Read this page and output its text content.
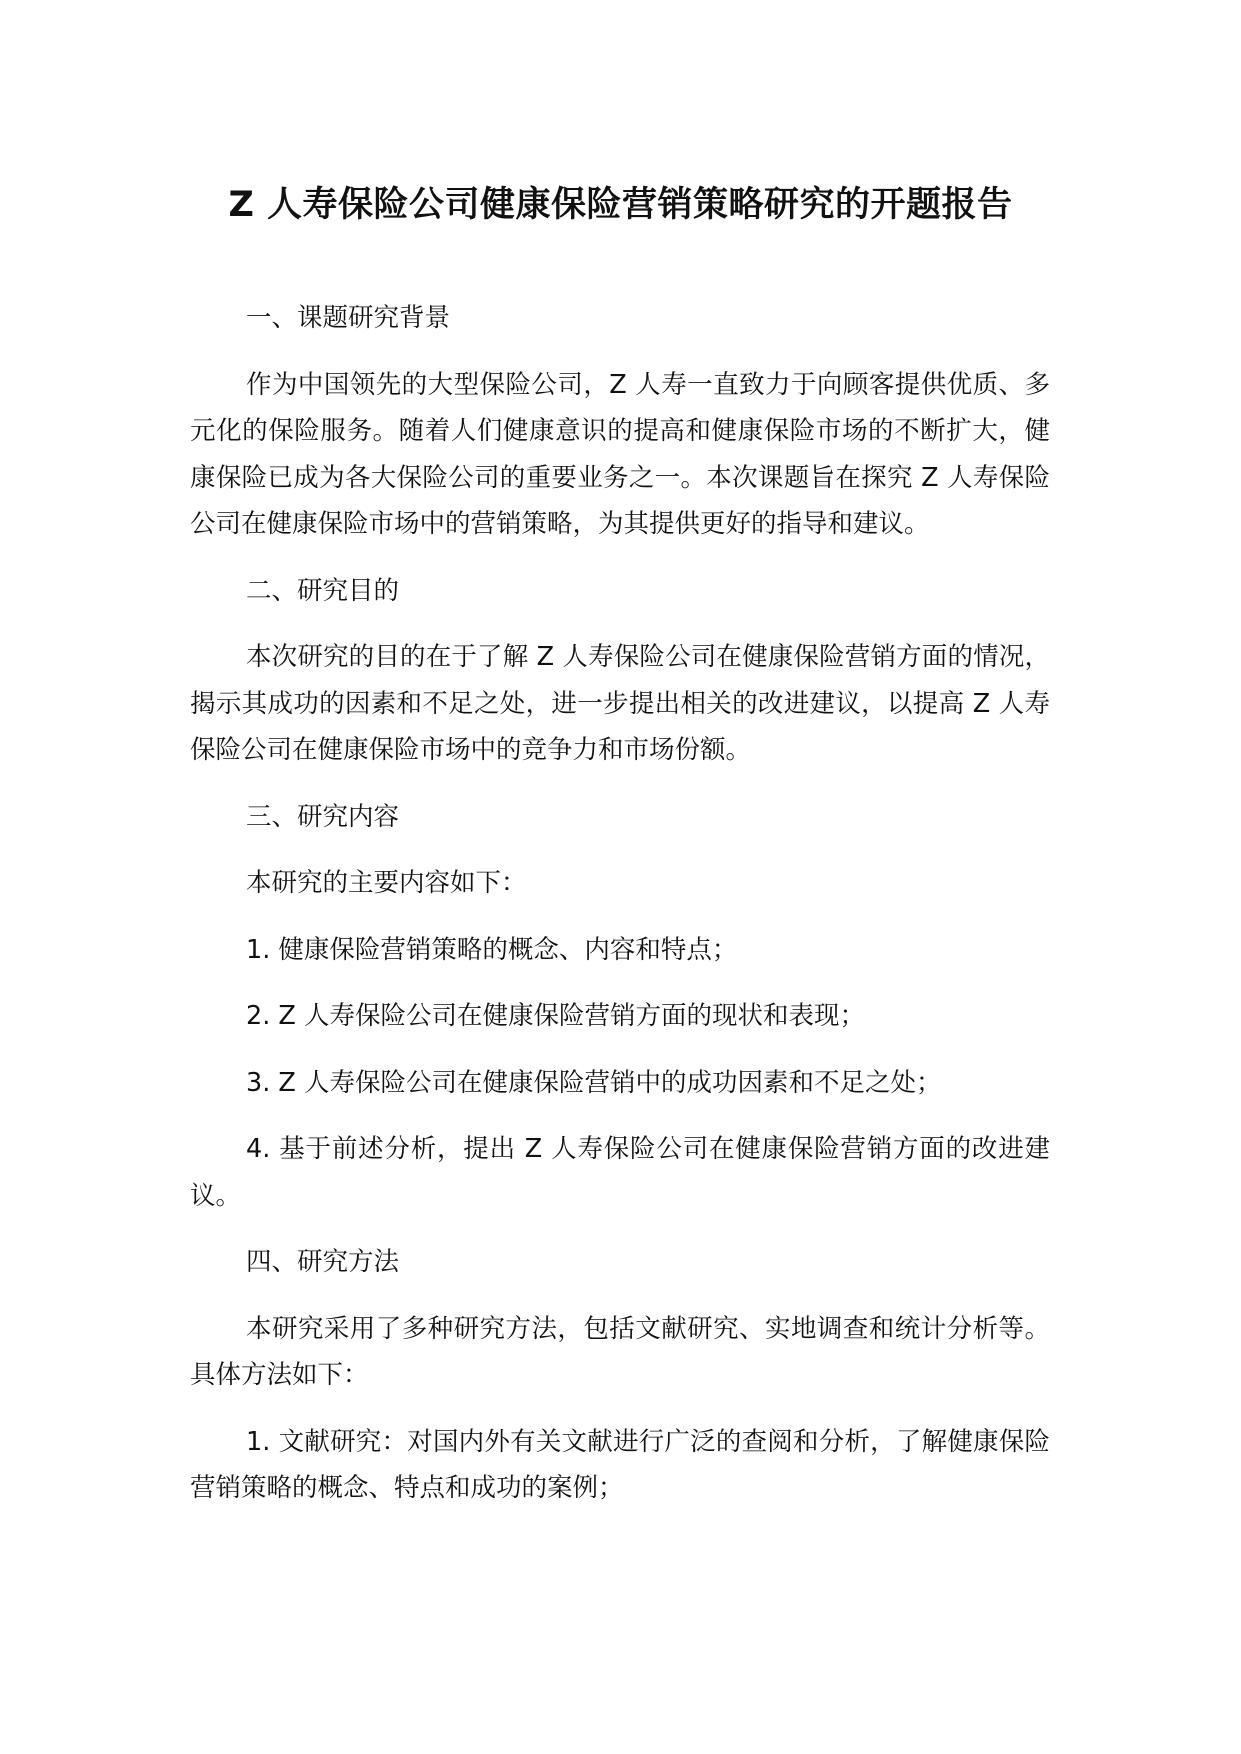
Z 人寿保险公司健康保险营销策略研究的开题报告

一、课题研究背景

作为中国领先的大型保险公司，Z 人寿一直致力于向顾客提供优质、多元化的保险服务。随着人们健康意识的提高和健康保险市场的不断扩大，健康保险已成为各大保险公司的重要业务之一。本次课题旨在探究 Z 人寿保险公司在健康保险市场中的营销策略，为其提供更好的指导和建议。

二、研究目的

本次研究的目的在于了解 Z 人寿保险公司在健康保险营销方面的情况，揭示其成功的因素和不足之处，进一步提出相关的改进建议，以提高 Z 人寿保险公司在健康保险市场中的竞争力和市场份额。

三、研究内容

本研究的主要内容如下：

1. 健康保险营销策略的概念、内容和特点；

2. Z 人寿保险公司在健康保险营销方面的现状和表现；

3. Z 人寿保险公司在健康保险营销中的成功因素和不足之处；

4. 基于前述分析，提出 Z 人寿保险公司在健康保险营销方面的改进建议。

四、研究方法

本研究采用了多种研究方法，包括文献研究、实地调查和统计分析等。具体方法如下：

1. 文献研究：对国内外有关文献进行广泛的查阅和分析，了解健康保险营销策略的概念、特点和成功的案例；
